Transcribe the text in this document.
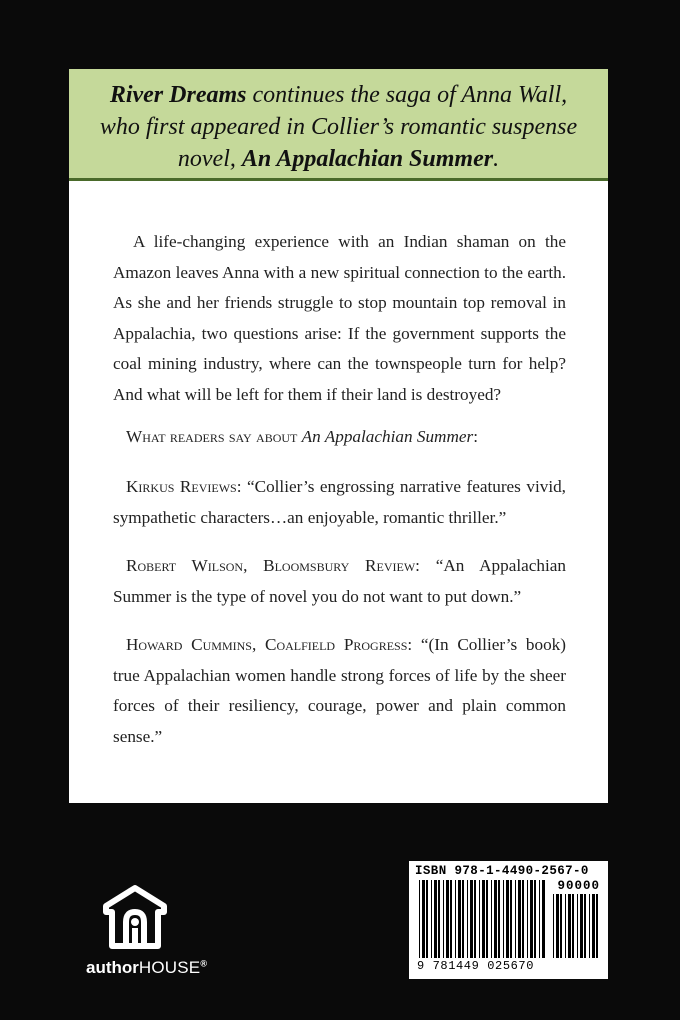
River Dreams continues the saga of Anna Wall,
who first appeared in Collier’s romantic suspense
novel, An Appalachian Summer.

A life-changing experience with an Indian shaman on the Amazon leaves Anna with a new spiritual connection to the earth. As she and her friends struggle to stop mountain top removal in Appalachia, two questions arise: If the government supports the coal mining industry, where can the townspeople turn for help? And what will be left for them if their land is destroyed?

What readers say about An Appalachian Summer:

Kirkus Reviews: “Collier’s engrossing narrative features vivid, sympathetic characters…an enjoyable, romantic thriller.”

Robert Wilson, Bloomsbury Review: “An Appalachian Summer is the type of novel you do not want to put down.”

Howard Cummins, Coalfield Progress: “(In Collier’s book) true Appalachian women handle strong forces of life by the sheer forces of their resiliency, courage, power and plain common sense.”

authorHOUSE®
ISBN 978-1-4490-2567-0
90000
9 781449 025670
